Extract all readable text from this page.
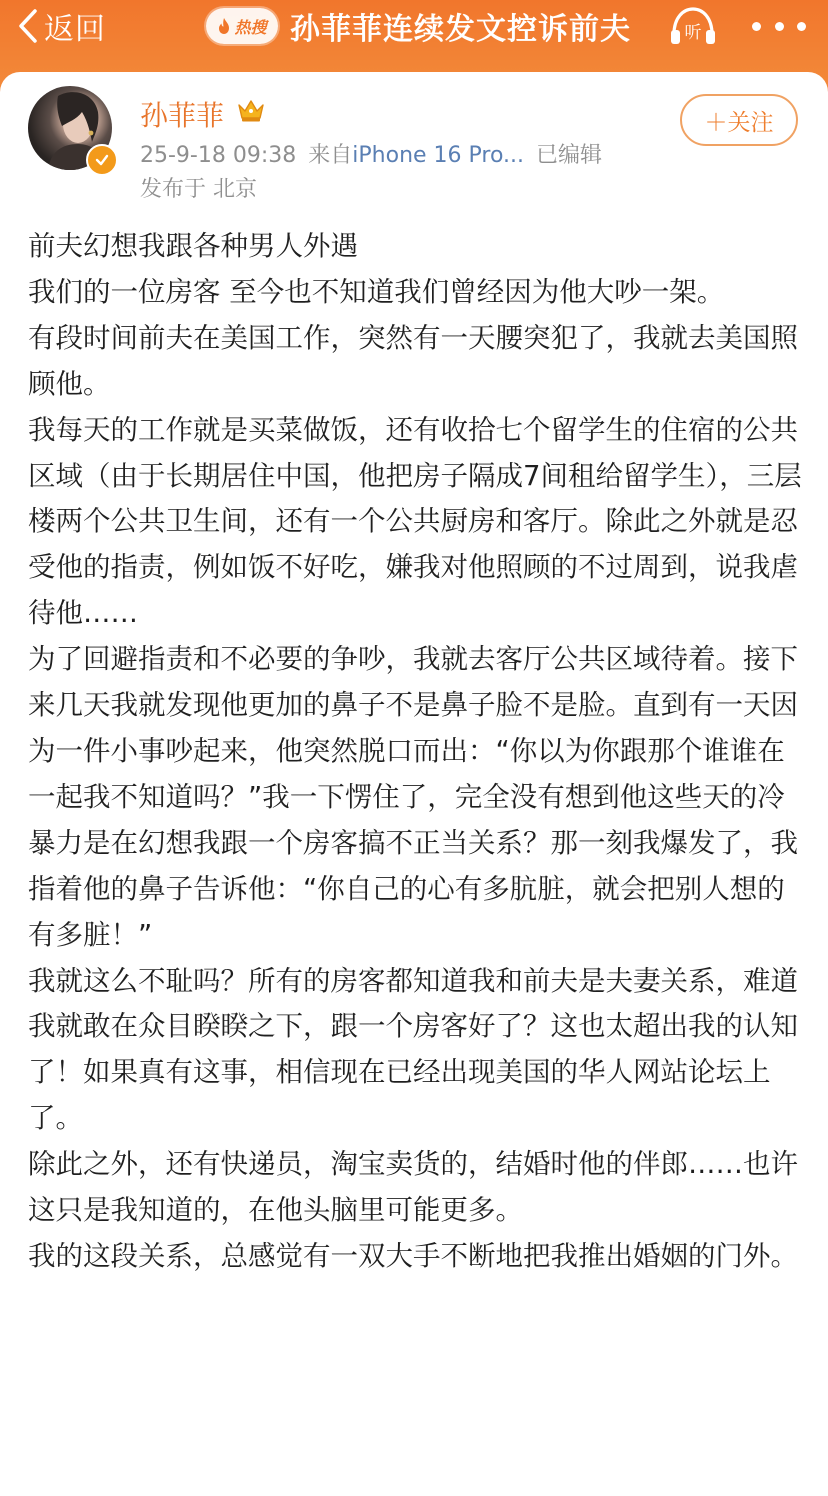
返回	热搜 孙菲菲连续发文控诉前夫	听
孙菲菲
25-9-18 09:38 来自iPhone 16 Pro... 已编辑
发布于 北京
＋关注

前夫幻想我跟各种男人外遇

我们的一位房客 至今也不知道我们曾经因为他大吵一架。

有段时间前夫在美国工作，突然有一天腰突犯了，我就去美国照顾他。

我每天的工作就是买菜做饭，还有收拾七个留学生的住宿的公共区域（由于长期居住中国，他把房子隔成7间租给留学生），三层楼两个公共卫生间，还有一个公共厨房和客厅。除此之外就是忍受他的指责，例如饭不好吃，嫌我对他照顾的不过周到，说我虐待他……

为了回避指责和不必要的争吵，我就去客厅公共区域待着。接下来几天我就发现他更加的鼻子不是鼻子脸不是脸。直到有一天因为一件小事吵起来，他突然脱口而出：“你以为你跟那个谁谁在一起我不知道吗？”我一下愣住了，完全没有想到他这些天的冷暴力是在幻想我跟一个房客搞不正当关系？那一刻我爆发了，我指着他的鼻子告诉他：“你自己的心有多肮脏，就会把别人想的有多脏！”

我就这么不耻吗？所有的房客都知道我和前夫是夫妻关系，难道我就敢在众目睽睽之下，跟一个房客好了？这也太超出我的认知了！如果真有这事，相信现在已经出现美国的华人网站论坛上了。

除此之外，还有快递员，淘宝卖货的，结婚时他的伴郎……也许这只是我知道的，在他头脑里可能更多。

我的这段关系，总感觉有一双大手不断地把我推出婚姻的门外。
